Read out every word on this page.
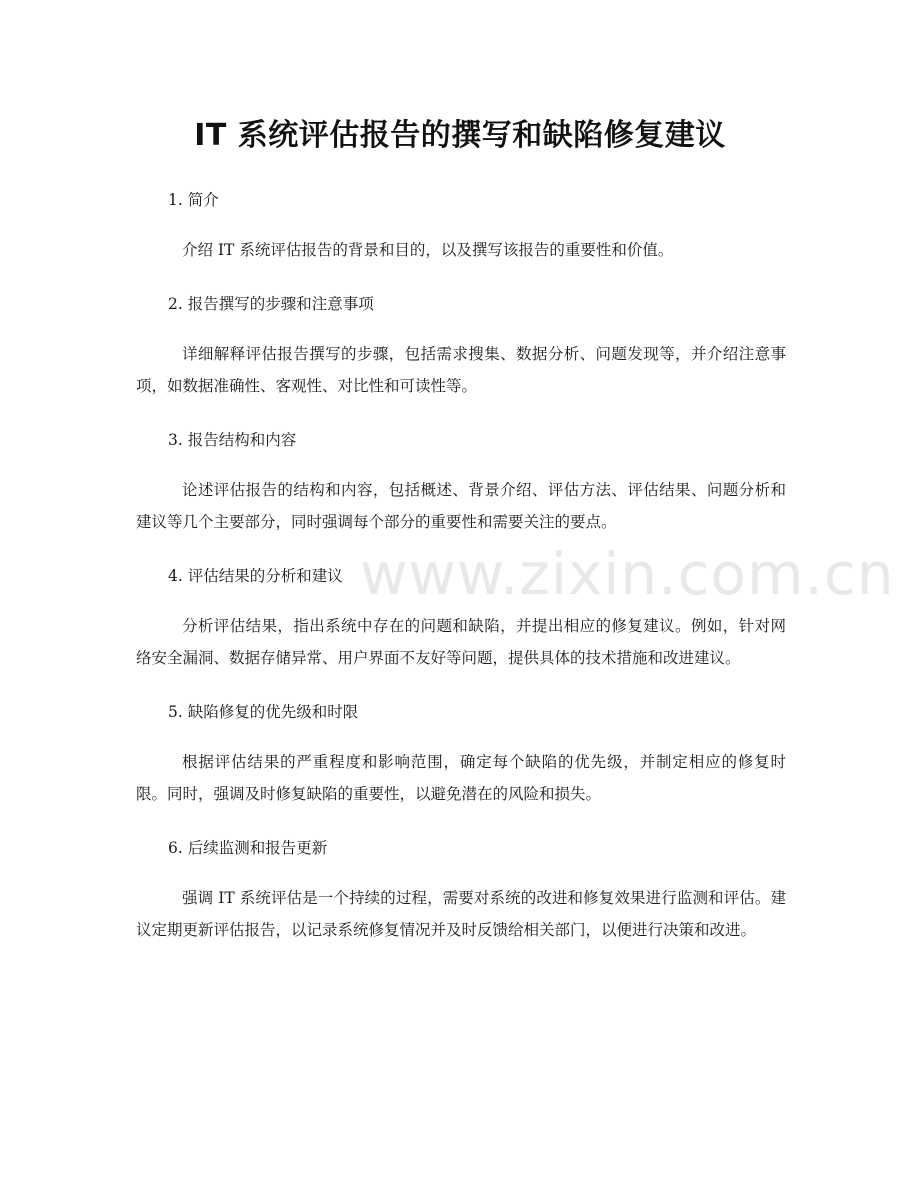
IT 系统评估报告的撰写和缺陷修复建议

1. 简介

介绍 IT 系统评估报告的背景和目的，以及撰写该报告的重要性和价值。

2. 报告撰写的步骤和注意事项

详细解释评估报告撰写的步骤，包括需求搜集、数据分析、问题发现等，并介绍注意事项，如数据准确性、客观性、对比性和可读性等。

3. 报告结构和内容

论述评估报告的结构和内容，包括概述、背景介绍、评估方法、评估结果、问题分析和建议等几个主要部分，同时强调每个部分的重要性和需要关注的要点。

4. 评估结果的分析和建议

分析评估结果，指出系统中存在的问题和缺陷，并提出相应的修复建议。例如，针对网络安全漏洞、数据存储异常、用户界面不友好等问题，提供具体的技术措施和改进建议。

5. 缺陷修复的优先级和时限

根据评估结果的严重程度和影响范围，确定每个缺陷的优先级，并制定相应的修复时限。同时，强调及时修复缺陷的重要性，以避免潜在的风险和损失。

6. 后续监测和报告更新

强调 IT 系统评估是一个持续的过程，需要对系统的改进和修复效果进行监测和评估。建议定期更新评估报告，以记录系统修复情况并及时反馈给相关部门，以便进行决策和改进。

www.zixin.com.cn
